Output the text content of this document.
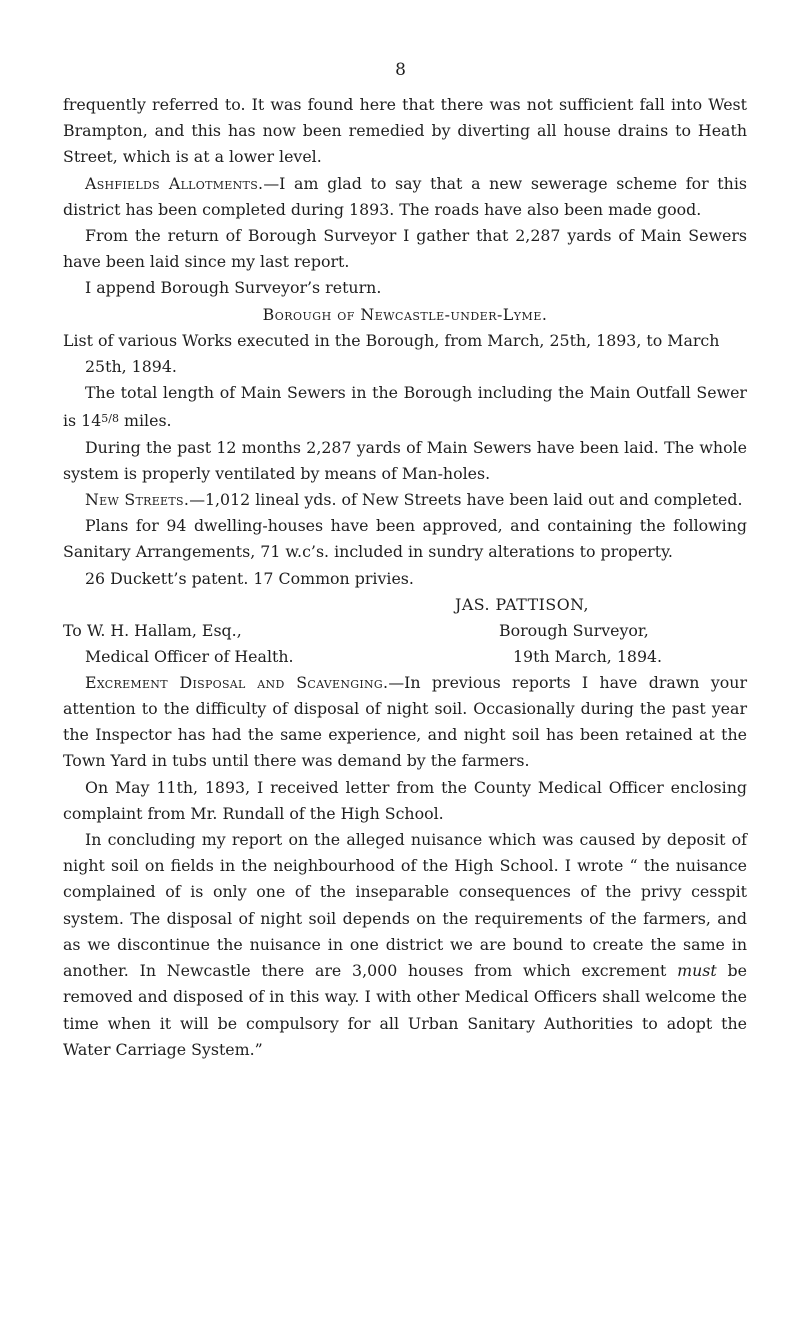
8

frequently referred to. It was found here that there was not sufficient fall into West Brampton, and this has now been remedied by diverting all house drains to Heath Street, which is at a lower level.

Ashfields Allotments.—I am glad to say that a new sewerage scheme for this district has been completed during 1893. The roads have also been made good.

From the return of Borough Surveyor I gather that 2,287 yards of Main Sewers have been laid since my last report.

I append Borough Surveyor’s return.

Borough of Newcastle-under-Lyme.

List of various Works executed in the Borough, from March, 25th, 1893, to March 25th, 1894.

The total length of Main Sewers in the Borough including the Main Outfall Sewer is $14^{5/8}$ miles.

During the past 12 months 2,287 yards of Main Sewers have been laid. The whole system is properly ventilated by means of Man-holes.

New Streets.—1,012 lineal yds. of New Streets have been laid out and completed.

Plans for 94 dwelling-houses have been approved, and containing the following Sanitary Arrangements, 71 w.c’s. included in sundry alterations to property.

26 Duckett’s patent. 17 Common privies.

JAS. PATTISON,
To W. H. Hallam, Esq.,	Borough Surveyor,
Medical Officer of Health.	19th March, 1894.

Excrement Disposal and Scavenging.—In previous reports I have drawn your attention to the difficulty of disposal of night soil. Occasionally during the past year the Inspector has had the same experience, and night soil has been retained at the Town Yard in tubs until there was demand by the farmers.

On May 11th, 1893, I received letter from the County Medical Officer enclosing complaint from Mr. Rundall of the High School.

In concluding my report on the alleged nuisance which was caused by deposit of night soil on fields in the neighbourhood of the High School. I wrote “ the nuisance complained of is only one of the inseparable consequences of the privy cesspit system. The disposal of night soil depends on the requirements of the farmers, and as we discontinue the nuisance in one district we are bound to create the same in another. In Newcastle there are 3,000 houses from which excrement must be removed and disposed of in this way. I with other Medical Officers shall welcome the time when it will be compulsory for all Urban Sanitary Authorities to adopt the Water Carriage System.”
